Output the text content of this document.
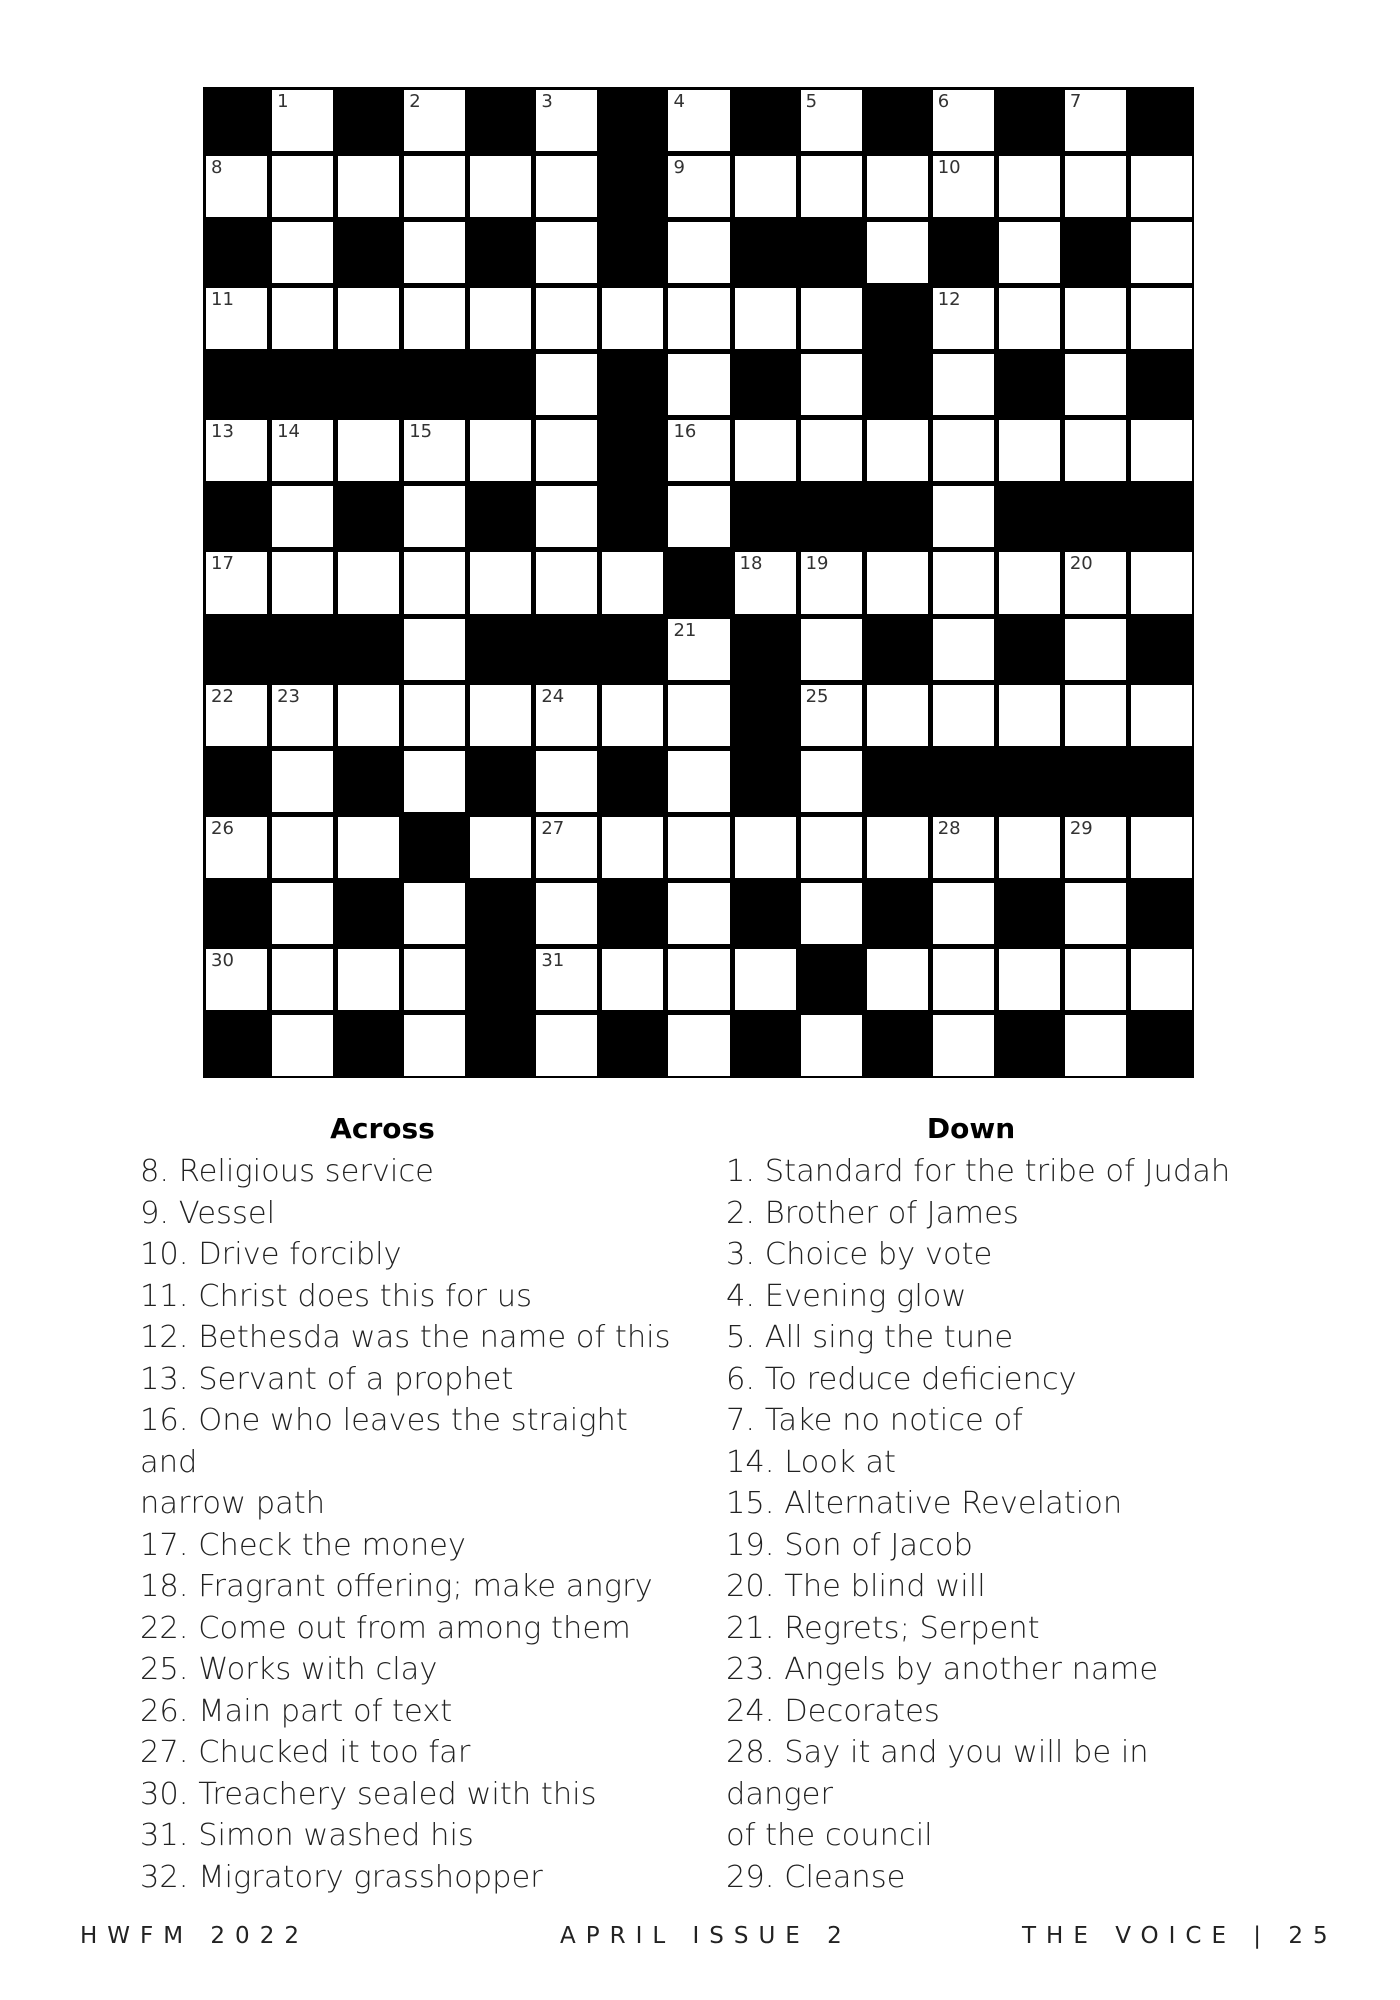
1	2	3	4	5	6	7
8	9	10
11	12
13 14	15	16
17	18 19	20
21
22 23	24	25
26	27	28	29
30	31
Across
8. Religious service
9. Vessel
10. Drive forcibly
11. Christ does this for us
12. Bethesda was the name of this
13. Servant of a prophet
16. One who leaves the straight and
narrow path
17. Check the money
18. Fragrant offering; make angry
22. Come out from among them
25. Works with clay
26. Main part of text
27. Chucked it too far
30. Treachery sealed with this
31. Simon washed his
32. Migratory grasshopper
Down
1. Standard for the tribe of Judah
2. Brother of James
3. Choice by vote
4. Evening glow
5. All sing the tune
6. To reduce deficiency
7. Take no notice of
14. Look at
15. Alternative Revelation
19. Son of Jacob
20. The blind will
21. Regrets; Serpent
23. Angels by another name
24. Decorates
28. Say it and you will be in danger
of the council
29. Cleanse
HWFM 2022	APRIL ISSUE 2	THE VOICE | 25
